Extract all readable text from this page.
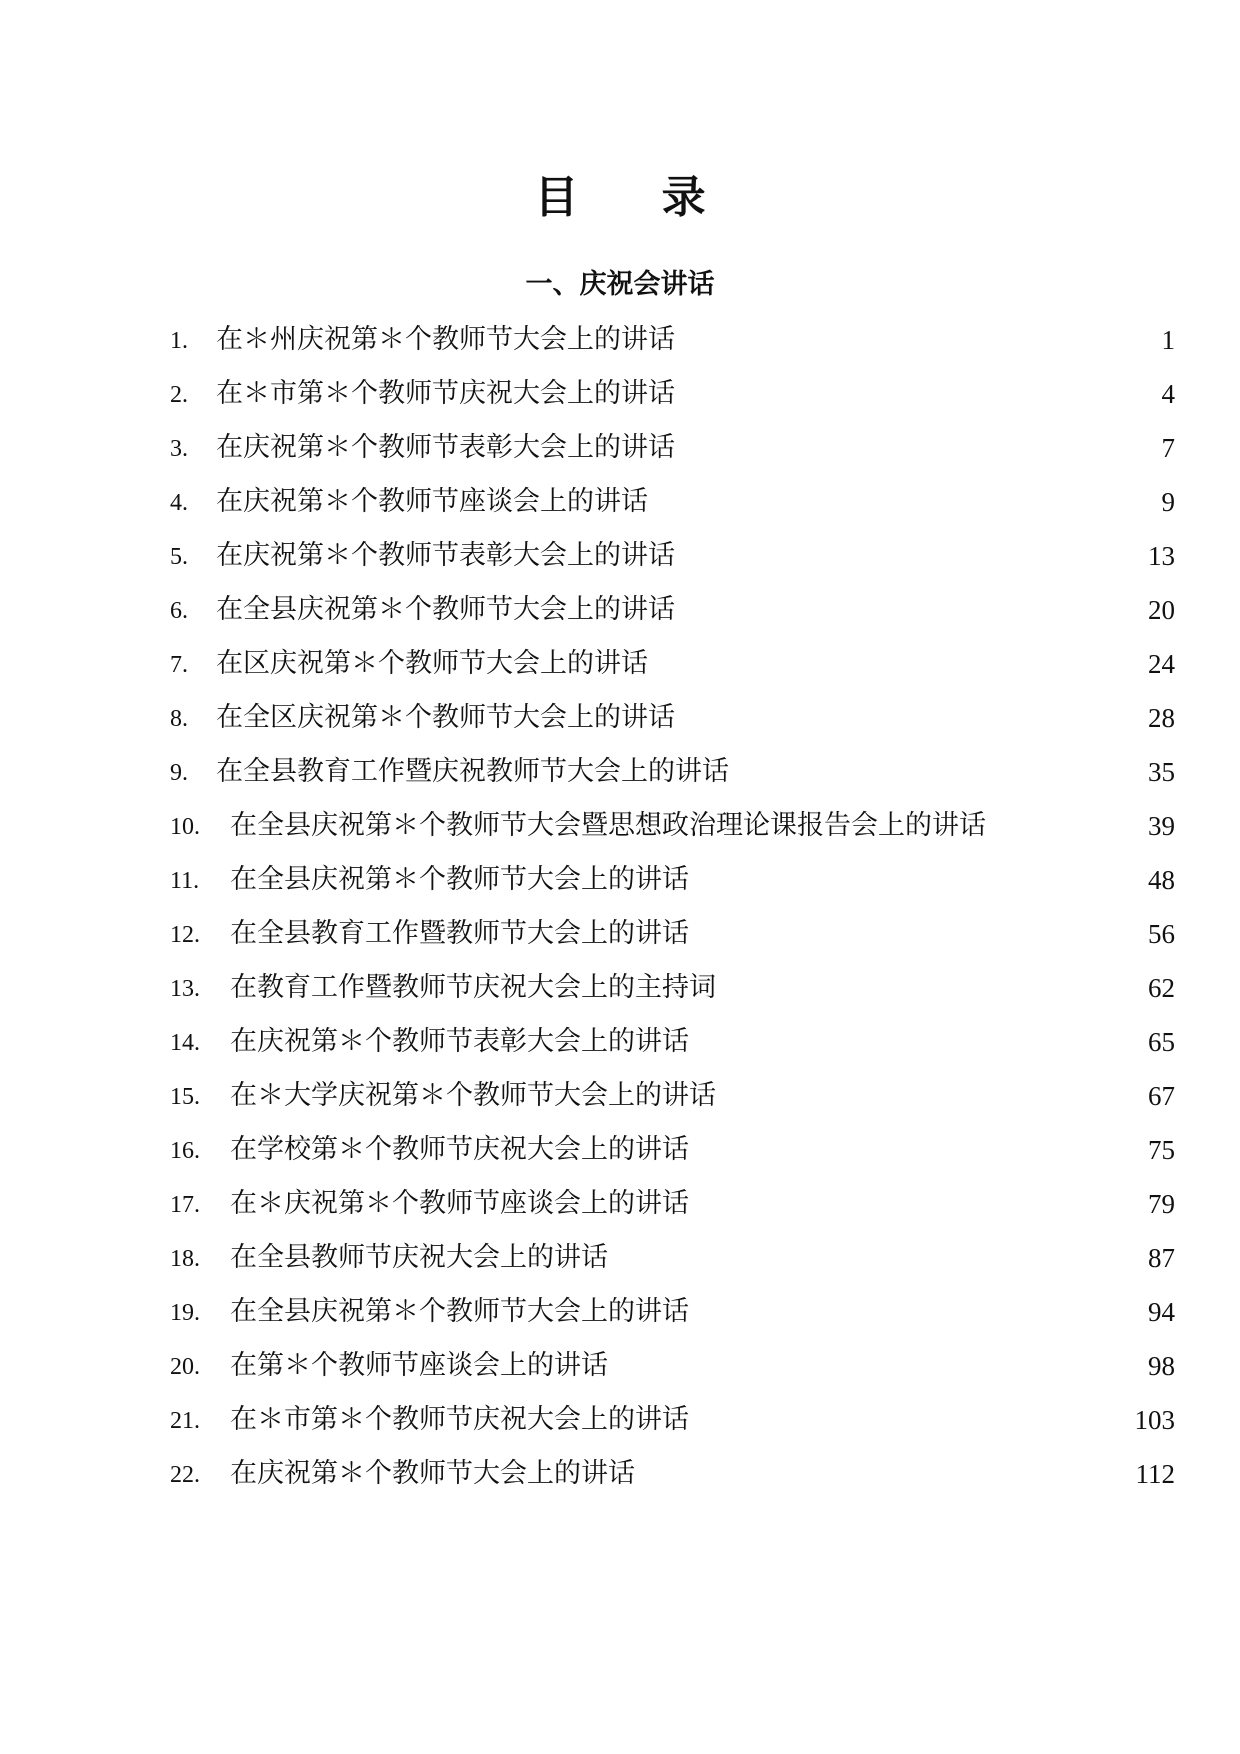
目 录
一、庆祝会讲话
1. 在＊州庆祝第＊个教师节大会上的讲话	1
2. 在＊市第＊个教师节庆祝大会上的讲话	4
3. 在庆祝第＊个教师节表彰大会上的讲话	7
4. 在庆祝第＊个教师节座谈会上的讲话	9
5. 在庆祝第＊个教师节表彰大会上的讲话	13
6. 在全县庆祝第＊个教师节大会上的讲话	20
7. 在区庆祝第＊个教师节大会上的讲话	24
8. 在全区庆祝第＊个教师节大会上的讲话	28
9. 在全县教育工作暨庆祝教师节大会上的讲话	35
10. 在全县庆祝第＊个教师节大会暨思想政治理论课报告会上的讲话	39
11. 在全县庆祝第＊个教师节大会上的讲话	48
12. 在全县教育工作暨教师节大会上的讲话	56
13. 在教育工作暨教师节庆祝大会上的主持词	62
14. 在庆祝第＊个教师节表彰大会上的讲话	65
15. 在＊大学庆祝第＊个教师节大会上的讲话	67
16. 在学校第＊个教师节庆祝大会上的讲话	75
17. 在＊庆祝第＊个教师节座谈会上的讲话	79
18. 在全县教师节庆祝大会上的讲话	87
19. 在全县庆祝第＊个教师节大会上的讲话	94
20. 在第＊个教师节座谈会上的讲话	98
21. 在＊市第＊个教师节庆祝大会上的讲话	103
22. 在庆祝第＊个教师节大会上的讲话	112
